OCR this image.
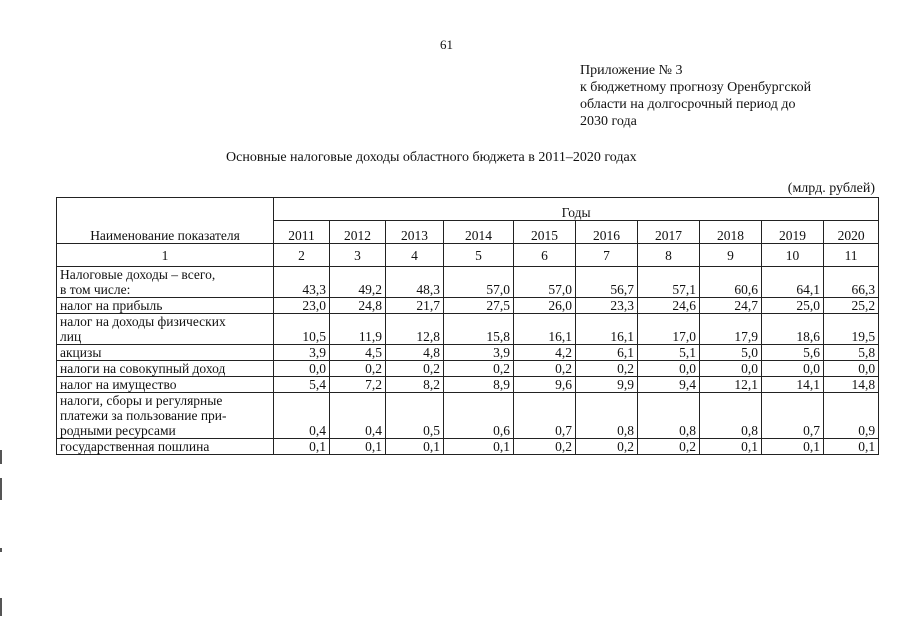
61
Приложение № 3
к бюджетному прогнозу Оренбургской
области на долгосрочный период до
2030 года
Основные налоговые доходы областного бюджета в 2011–2020 годах
(млрд. рублей)
Наименование показателя	Годы									
	2011	2012	2013	2014	2015	2016	2017	2018	2019	2020
1	2	3	4	5	6	7	8	9	10	11

Налоговые доходы – всего,
в том числе:	43,3	49,2	48,3	57,0	57,0	56,7	57,1	60,6	64,1	66,3

налог на прибыль	23,0	24,8	21,7	27,5	26,0	23,3	24,6	24,7	25,0	25,2

налог на доходы физических
лиц	10,5	11,9	12,8	15,8	16,1	16,1	17,0	17,9	18,6	19,5

акцизы	3,9	4,5	4,8	3,9	4,2	6,1	5,1	5,0	5,6	5,8

налоги на совокупный доход	0,0	0,2	0,2	0,2	0,2	0,2	0,0	0,0	0,0	0,0

налог на имущество	5,4	7,2	8,2	8,9	9,6	9,9	9,4	12,1	14,1	14,8

налоги, сборы и регулярные
платежи за пользование при-
родными ресурсами	0,4	0,4	0,5	0,6	0,7	0,8	0,8	0,8	0,7	0,9

государственная пошлина	0,1	0,1	0,1	0,1	0,2	0,2	0,2	0,1	0,1	0,1
